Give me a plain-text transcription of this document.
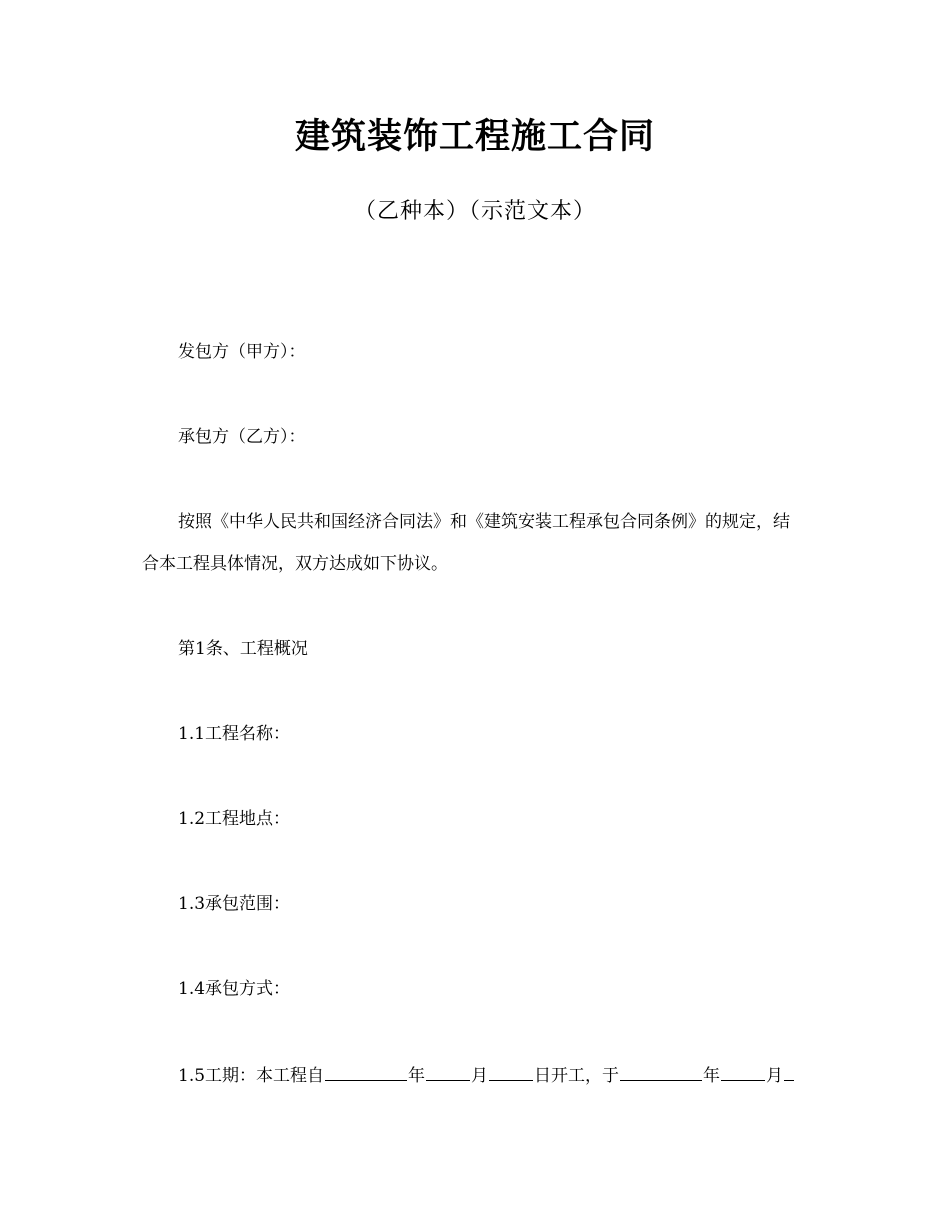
建筑装饰工程施工合同
（乙种本）（示范文本）
发包方（甲方）：
承包方（乙方）：
按照《中华人民共和国经济合同法》和《建筑安装工程承包合同条例》的规定，结
合本工程具体情况，双方达成如下协议。
第1条、工程概况
1.1工程名称：
1.2工程地点：
1.3承包范围：
1.4承包方式：
1.5工期：本工程自	年	月	日开工，于	年	月
